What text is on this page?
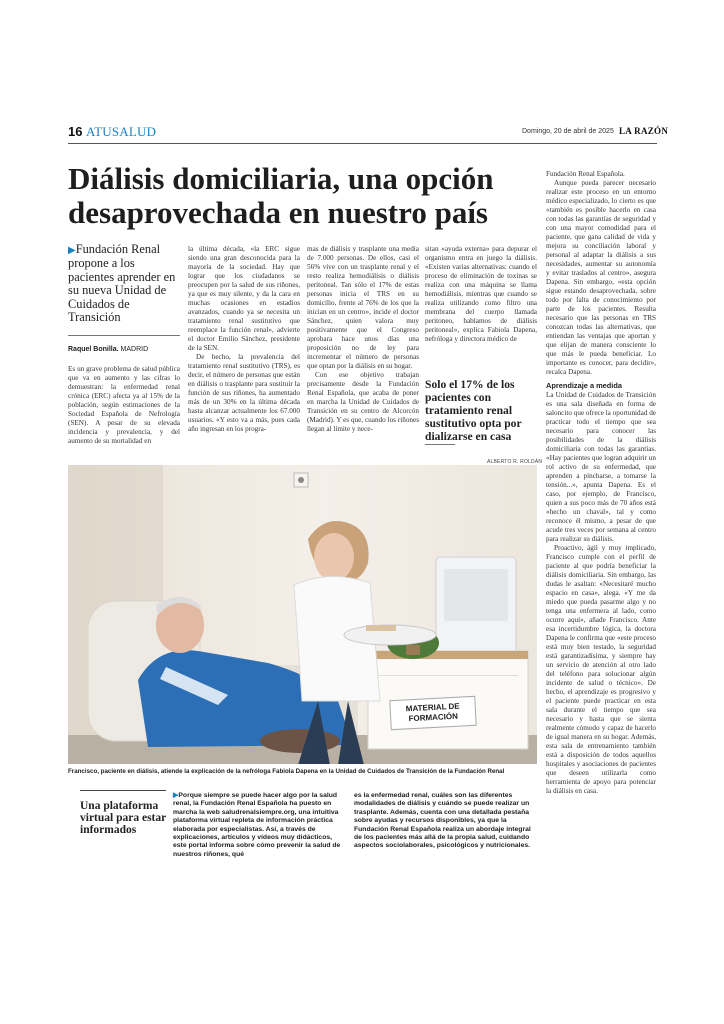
16 ATUSALUD	Domingo, 20 de abril de 2025 LA RAZÓN
Diálisis domiciliaria, una opción desaprovechada en nuestro país
▶Fundación Renal propone a los pacientes aprender en su nueva Unidad de Cuidados de Transición
Raquel Bonilla. MADRID

Es un grave problema de salud pública que va en aumento y las cifras lo demuestran: la enfermedad renal crónica (ERC) afecta ya al 15% de la población, según estimaciones de la Sociedad Española de Nefrología (SEN). A pesar de su elevada incidencia y prevalencia, y del aumento de su mortalidad en

la última década, «la ERC sigue siendo una gran desconocida para la mayoría de la sociedad. Hay que lograr que los ciudadanos se preocupen por la salud de sus riñones, ya que es muy silente, y da la cara en muchas ocasiones en estadios avanzados, cuando ya se necesita un tratamiento renal sustitutivo que reemplace la función renal», advierte el doctor Emilio Sánchez, presidente de la SEN.

De hecho, la prevalencia del tratamiento renal sustitutivo (TRS), es decir, el número de personas que están en diálisis o trasplante para sustituir la función de sus riñones, ha aumentado más de un 30% en la última década hasta alcanzar actualmente los 67.000 usuarios. «Y esto va a más, pues cada año ingresan en los progra-

mas de diálisis y trasplante una media de 7.000 personas. De ellos, casi el 56% vive con un trasplante renal y el resto realiza hemodiálisis o diálisis peritoneal. Tan sólo el 17% de estas personas inicia el TRS en su domicilio, frente al 76% de los que la inician en un centro», incide el doctor Sánchez, quien valora muy positivamente que el Congreso aprobara hace unos días una proposición no de ley para incrementar el número de personas que optan por la diálisis en su hogar.

Con ese objetivo trabajan precisamente desde la Fundación Renal Española, que acaba de poner en marcha la Unidad de Cuidados de Transición en su centro de Alcorcón (Madrid). Y es que, cuando los riñones llegan al límite y nece-

sitan «ayuda externa» para depurar el organismo entra en juego la diálisis. «Existen varias alternativas: cuando el proceso de eliminación de toxinas se realiza con una máquina se llama hemodiálisis, mientras que cuando se realiza utilizando como filtro una membrana del cuerpo llamada peritoneo, hablamos de diálisis peritoneal», explica Fabiola Dapena, nefróloga y directora médico de

Solo el 17% de los pacientes con tratamiento renal sustitutivo opta por dializarse en casa
ALBERTO R. ROLDÁN
MATERIAL DE FORMACIÓN
Francisco, paciente en diálisis, atiende la explicación de la nefróloga Fabiola Dapena en la Unidad de Cuidados de Transición de la Fundación Renal

Fundación Renal Española.

Aunque pueda parecer necesario realizar este proceso en un entorno médico especializado, lo cierto es que «también es posible hacerlo en casa con todas las garantías de seguridad y con una mayor comodidad para el paciente, que gana calidad de vida y mejora su conciliación laboral y personal al adaptar la diálisis a sus necesidades, aumentar su autonomía y evitar traslados al centro», asegura Dapena. Sin embargo, «esta opción sigue estando desaprovechada, sobre todo por falta de conocimiento por parte de los pacientes. Resulta necesario que las personas en TRS conozcan todas las alternativas, que entiendan las ventajas que aportan y que elijan de manera consciente lo que más le pueda beneficiar. Lo importante es conocer, para decidir», recalca Dapena.

Aprendizaje a medida

La Unidad de Cuidados de Transición es una sala diseñada en forma de saloncito que ofrece la oportunidad de practicar todo el tiempo que sea necesario para conocer las posibilidades de la diálisis domiciliaria con todas las garantías. «Hay pacientes que logran adquirir un rol activo de su enfermedad, que aprenden a pincharse, a tomarse la tensión...», apunta Dapena. Es el caso, por ejemplo, de Francisco, quien a sus poco más de 70 años está «hecho un chaval», tal y como reconoce él mismo, a pesar de que acude tres veces por semana al centro para realizar su diálisis.

Proactivo, ágil y muy implicado, Francisco cumple con el perfil de paciente al que podría beneficiar la diálisis domiciliaria. Sin embargo, las dudas le asaltan: «Necesitaré mucho espacio en casa», alega. «Y me da miedo que pueda pasarme algo y no tenga una enfermera al lado, como ocurre aquí», añade Francisco. Ante esa incertidumbre lógica, la doctora Dapena le confirma que «este proceso está muy bien testado, la seguridad está garantizadísima, y siempre hay un servicio de atención al otro lado del teléfono para solucionar algún incidente de salud o técnico». De hecho, el aprendizaje es progresivo y el paciente puede practicar en esta sala durante el tiempo que sea necesario y hasta que se sienta realmente cómodo y capaz de hacerlo de igual manera en su hogar. Además, esta sala de entrenamiento también está a disposición de todos aquellos hospitales y asociaciones de pacientes que deseen utilizarla como herramienta de apoyo para potenciar la diálisis en casa.

Una plataforma virtual para estar informados
▶Porque siempre se puede hacer algo por la salud renal, la Fundación Renal Española ha puesto en marcha la web saludrenalsiempre.org, una intuitiva plataforma virtual repleta de información práctica elaborada por especialistas. Así, a través de explicaciones, artículos y vídeos muy didácticos, este portal informa sobre cómo prevenir la salud de nuestros riñones, qué
es la enfermedad renal, cuáles son las diferentes modalidades de diálisis y cuándo se puede realizar un trasplante. Además, cuenta con una detallada pestaña sobre ayudas y recursos disponibles, ya que la Fundación Renal Española realiza un abordaje integral de los pacientes más allá de la propia salud, cuidando aspectos sociolaborales, psicológicos y nutricionales.
